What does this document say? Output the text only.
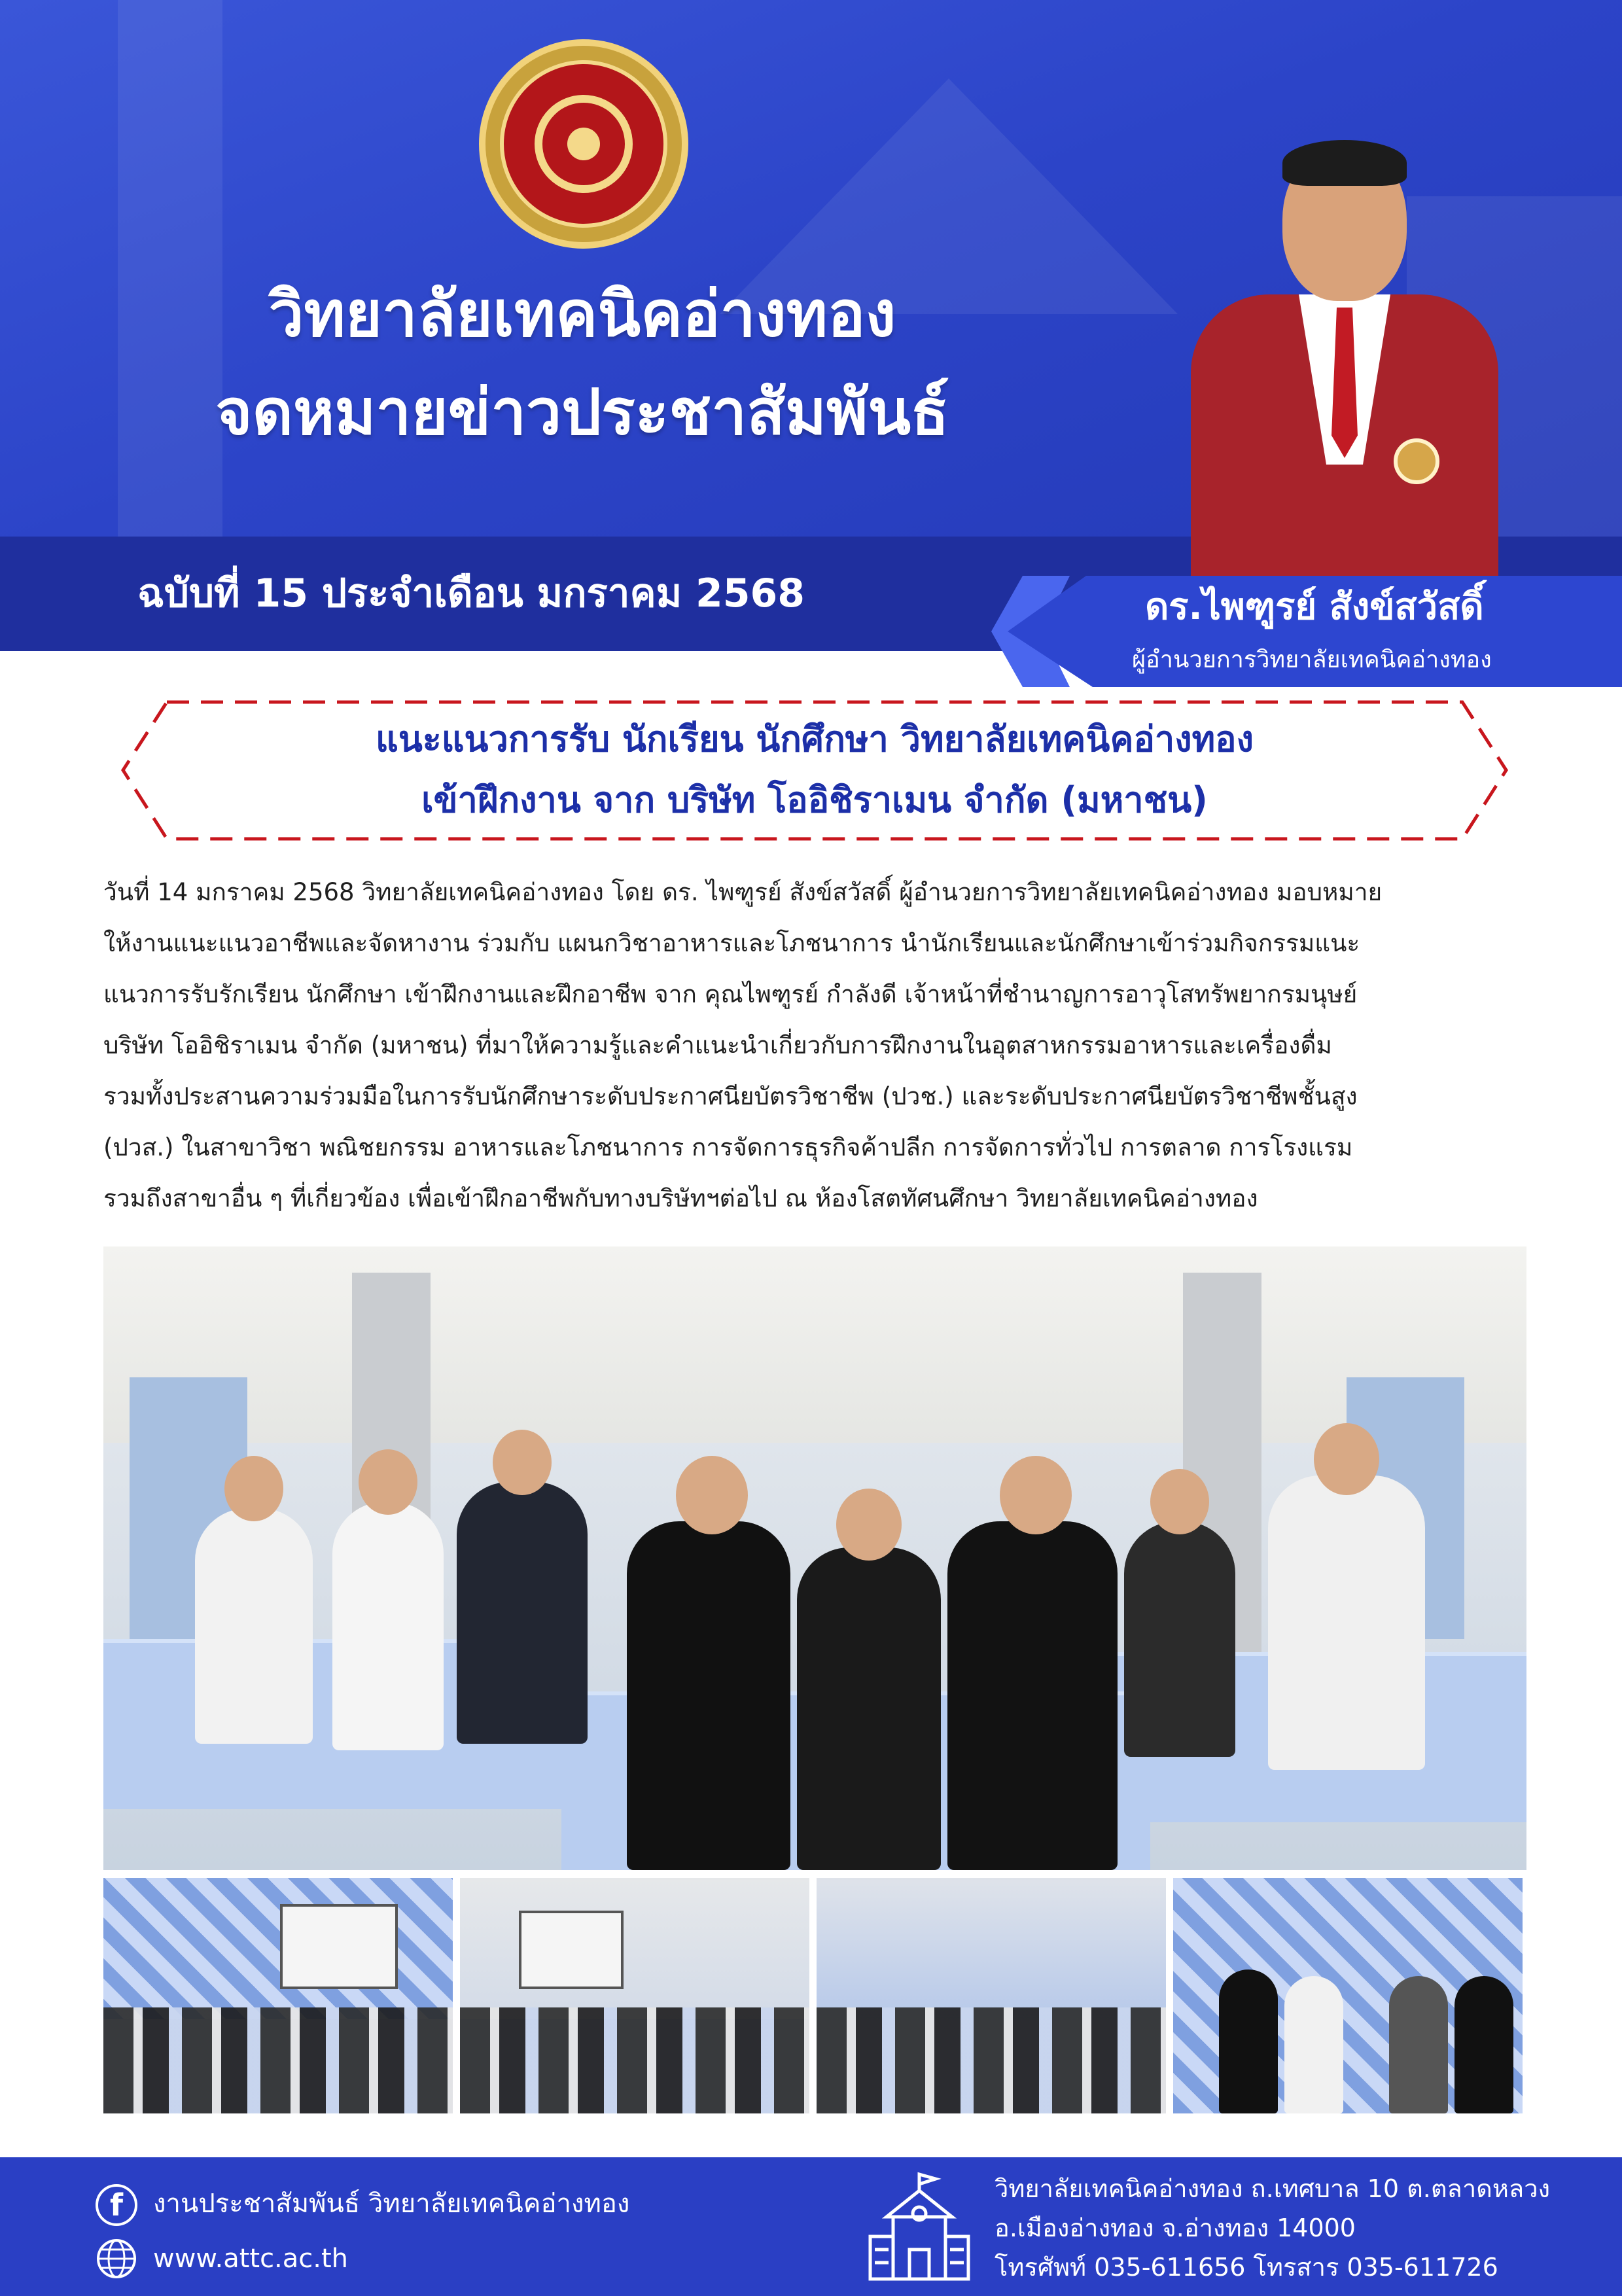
วิทยาลัยเทคนิคอ่างทอง
จดหมายข่าวประชาสัมพันธ์
ฉบับที่ 15 ประจำเดือน มกราคม 2568	ดร.ไพฑูรย์ สังข์สวัสดิ์
ผู้อำนวยการวิทยาลัยเทคนิคอ่างทอง
แนะแนวการรับ นักเรียน นักศึกษา วิทยาลัยเทคนิคอ่างทอง
เข้าฝึกงาน จาก บริษัท โออิชิราเมน จำกัด (มหาชน)
วันที่ 14 มกราคม 2568 วิทยาลัยเทคนิคอ่างทอง โดย ดร. ไพฑูรย์ สังข์สวัสดิ์ ผู้อำนวยการวิทยาลัยเทคนิคอ่างทอง มอบหมาย
ให้งานแนะแนวอาชีพและจัดหางาน ร่วมกับ แผนกวิชาอาหารและโภชนาการ นำนักเรียนและนักศึกษาเข้าร่วมกิจกรรมแนะ
แนวการรับรักเรียน นักศึกษา เข้าฝึกงานและฝึกอาชีพ จาก คุณไพฑูรย์ กำลังดี เจ้าหน้าที่ชำนาญการอาวุโสทรัพยากรมนุษย์
บริษัท โออิชิราเมน จำกัด (มหาชน) ที่มาให้ความรู้และคำแนะนำเกี่ยวกับการฝึกงานในอุตสาหกรรมอาหารและเครื่องดื่ม
รวมทั้งประสานความร่วมมือในการรับนักศึกษาระดับประกาศนียบัตรวิชาชีพ (ปวช.) และระดับประกาศนียบัตรวิชาชีพชั้นสูง
(ปวส.) ในสาขาวิชา พณิชยกรรม อาหารและโภชนาการ การจัดการธุรกิจค้าปลีก การจัดการทั่วไป การตลาด การโรงแรม
รวมถึงสาขาอื่น ๆ ที่เกี่ยวข้อง เพื่อเข้าฝึกอาชีพกับทางบริษัทฯต่อไป ณ ห้องโสตทัศนศึกษา วิทยาลัยเทคนิคอ่างทอง
f	งานประชาสัมพันธ์ วิทยาลัยเทคนิคอ่างทอง
www.attc.ac.th
วิทยาลัยเทคนิคอ่างทอง ถ.เทศบาล 10 ต.ตลาดหลวง
อ.เมืองอ่างทอง จ.อ่างทอง 14000
โทรศัพท์ 035-611656 โทรสาร 035-611726
